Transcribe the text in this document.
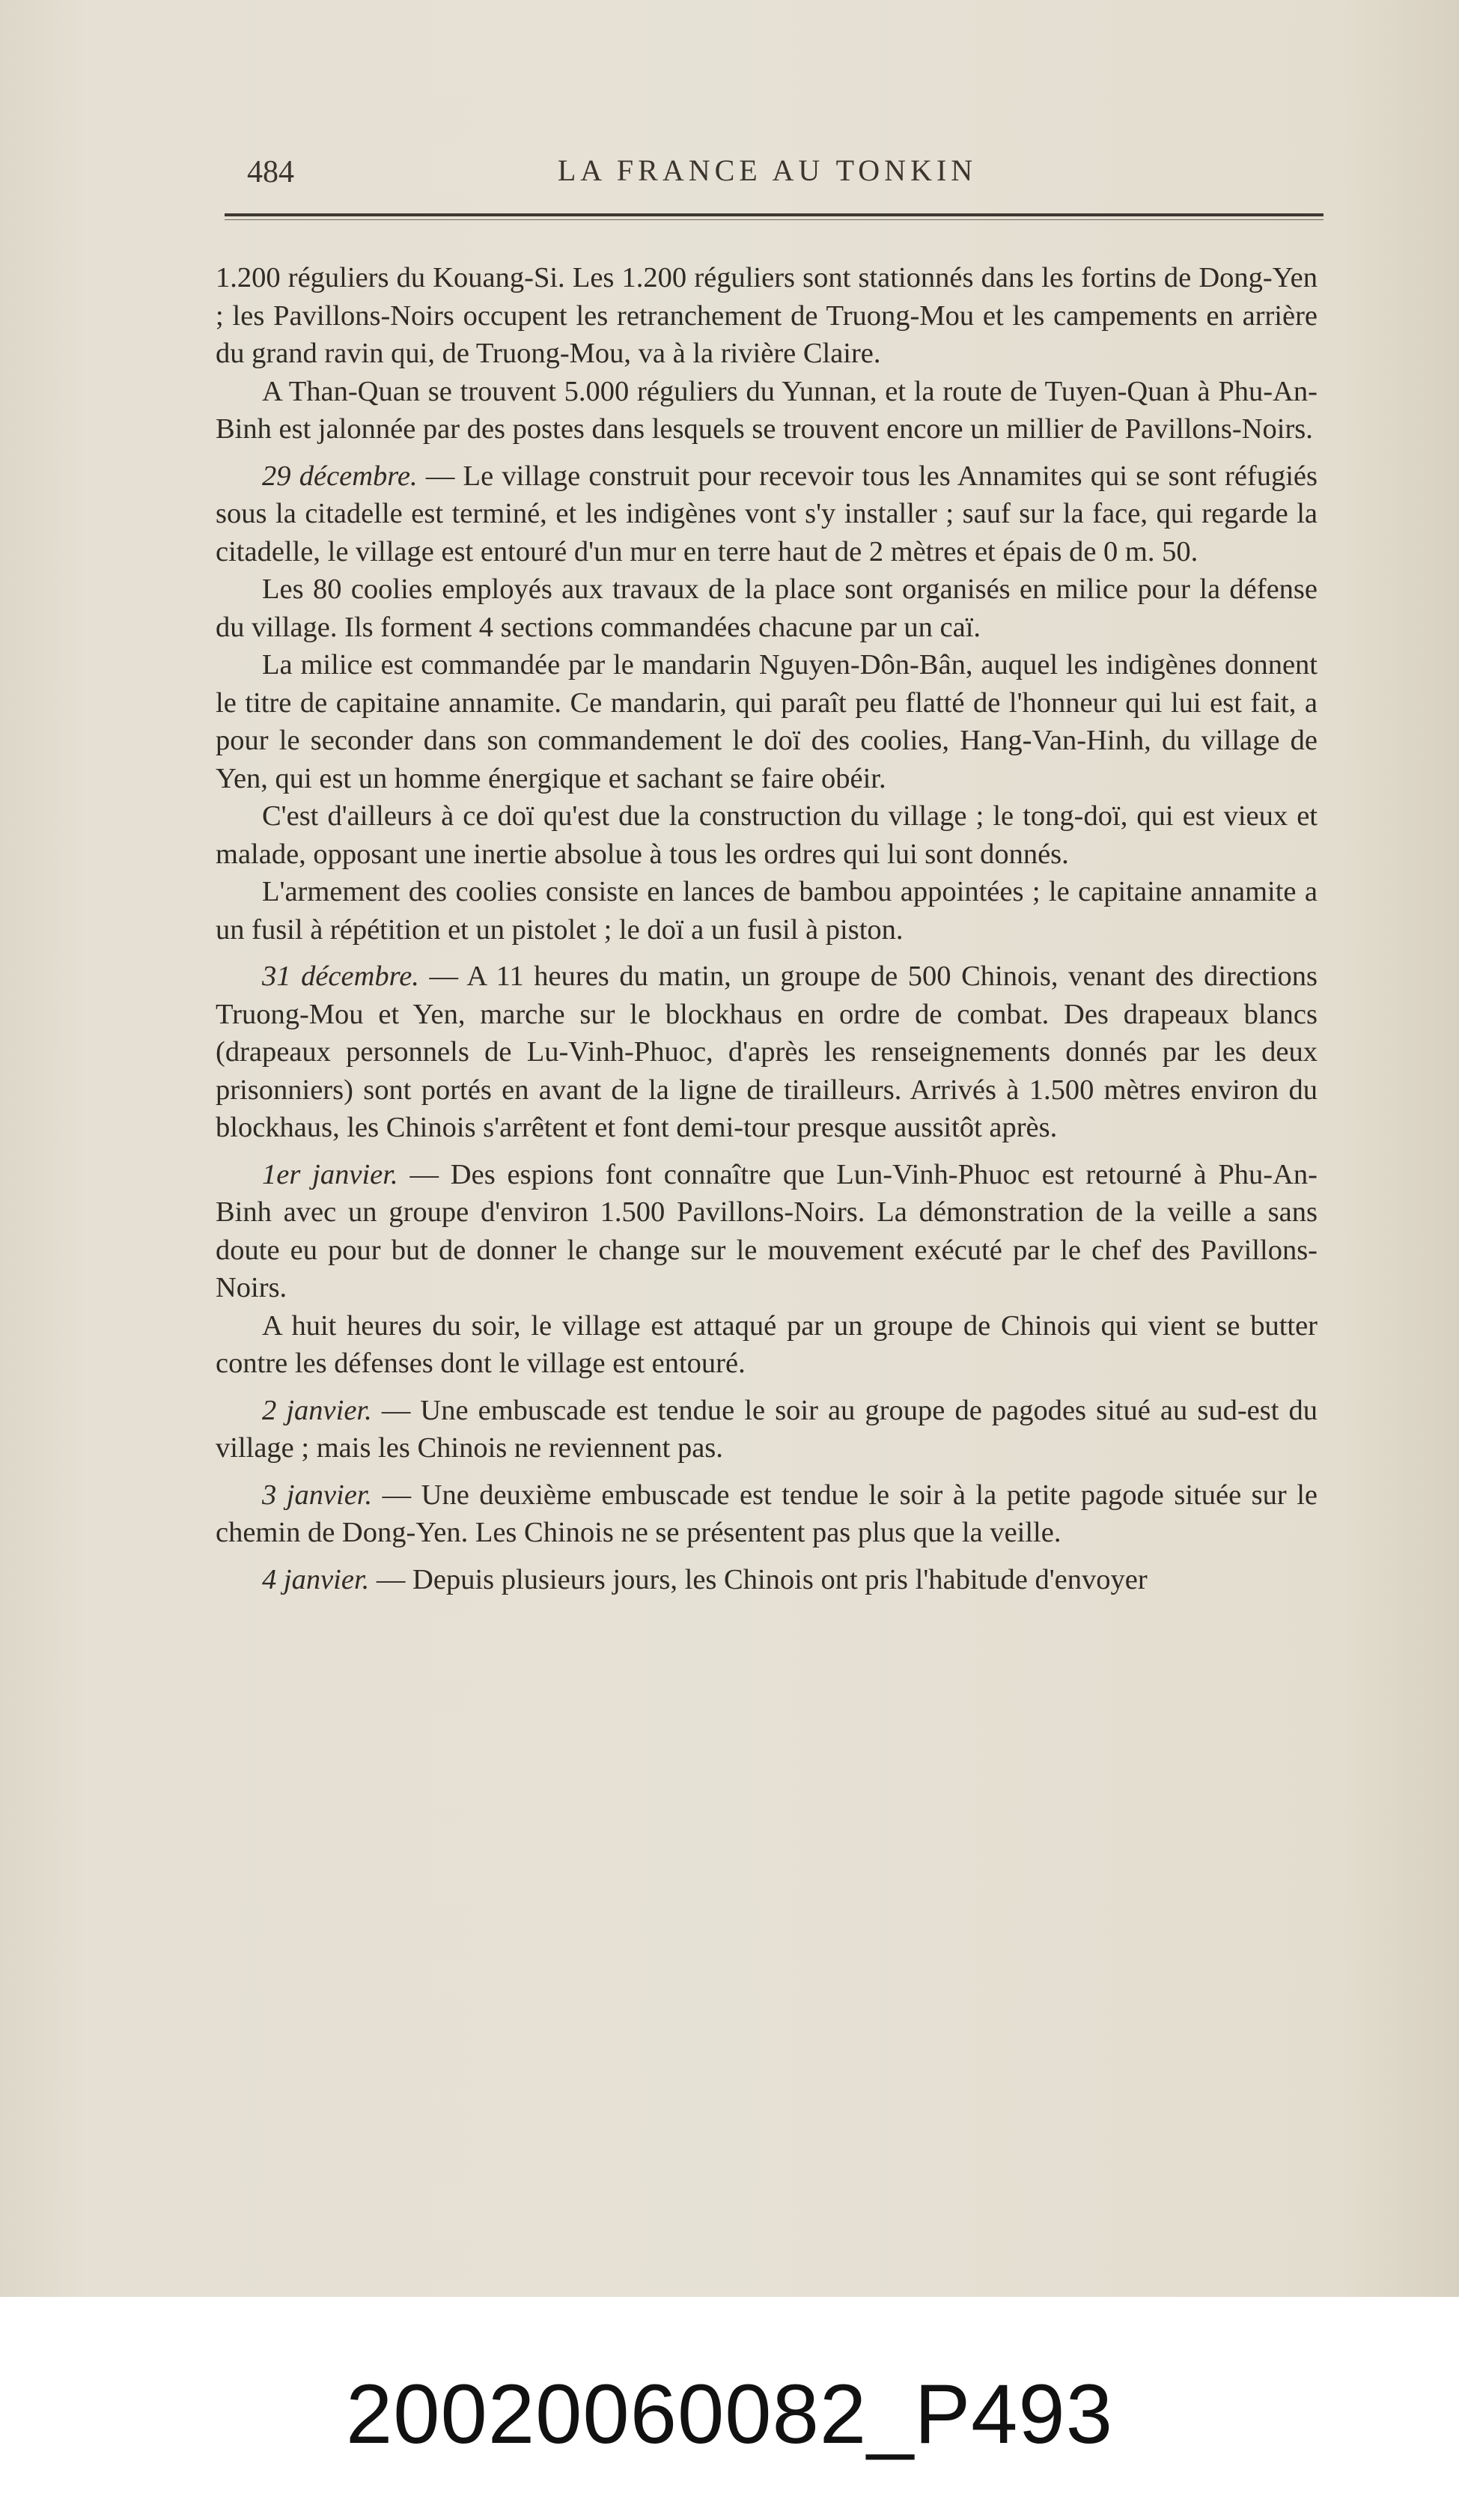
484	LA FRANCE AU TONKIN

1.200 réguliers du Kouang-Si. Les 1.200 réguliers sont stationnés dans les fortins de Dong-Yen ; les Pavillons-Noirs occupent les retranchement de Truong-Mou et les campements en arrière du grand ravin qui, de Truong-Mou, va à la rivière Claire.

A Than-Quan se trouvent 5.000 réguliers du Yunnan, et la route de Tuyen-Quan à Phu-An-Binh est jalonnée par des postes dans lesquels se trouvent encore un millier de Pavillons-Noirs.

29 décembre. — Le village construit pour recevoir tous les Annamites qui se sont réfugiés sous la citadelle est terminé, et les indigènes vont s'y installer ; sauf sur la face, qui regarde la citadelle, le village est entouré d'un mur en terre haut de 2 mètres et épais de 0 m. 50.

Les 80 coolies employés aux travaux de la place sont organisés en milice pour la défense du village. Ils forment 4 sections commandées chacune par un caï.

La milice est commandée par le mandarin Nguyen-Dôn-Bân, auquel les indigènes donnent le titre de capitaine annamite. Ce mandarin, qui paraît peu flatté de l'honneur qui lui est fait, a pour le seconder dans son commandement le doï des coolies, Hang-Van-Hinh, du village de Yen, qui est un homme énergique et sachant se faire obéir.

C'est d'ailleurs à ce doï qu'est due la construction du village ; le tong-doï, qui est vieux et malade, opposant une inertie absolue à tous les ordres qui lui sont donnés.

L'armement des coolies consiste en lances de bambou appointées ; le capitaine annamite a un fusil à répétition et un pistolet ; le doï a un fusil à piston.

31 décembre. — A 11 heures du matin, un groupe de 500 Chinois, venant des directions Truong-Mou et Yen, marche sur le blockhaus en ordre de combat. Des drapeaux blancs (drapeaux personnels de Lu-Vinh-Phuoc, d'après les renseignements donnés par les deux prisonniers) sont portés en avant de la ligne de tirailleurs. Arrivés à 1.500 mètres environ du blockhaus, les Chinois s'arrêtent et font demi-tour presque aussitôt après.

1er janvier. — Des espions font connaître que Lun-Vinh-Phuoc est retourné à Phu-An-Binh avec un groupe d'environ 1.500 Pavillons-Noirs. La démonstration de la veille a sans doute eu pour but de donner le change sur le mouvement exécuté par le chef des Pavillons-Noirs.

A huit heures du soir, le village est attaqué par un groupe de Chinois qui vient se butter contre les défenses dont le village est entouré.

2 janvier. — Une embuscade est tendue le soir au groupe de pagodes situé au sud-est du village ; mais les Chinois ne reviennent pas.

3 janvier. — Une deuxième embuscade est tendue le soir à la petite pagode située sur le chemin de Dong-Yen. Les Chinois ne se présentent pas plus que la veille.

4 janvier. — Depuis plusieurs jours, les Chinois ont pris l'habitude d'envoyer

20020060082_P493
